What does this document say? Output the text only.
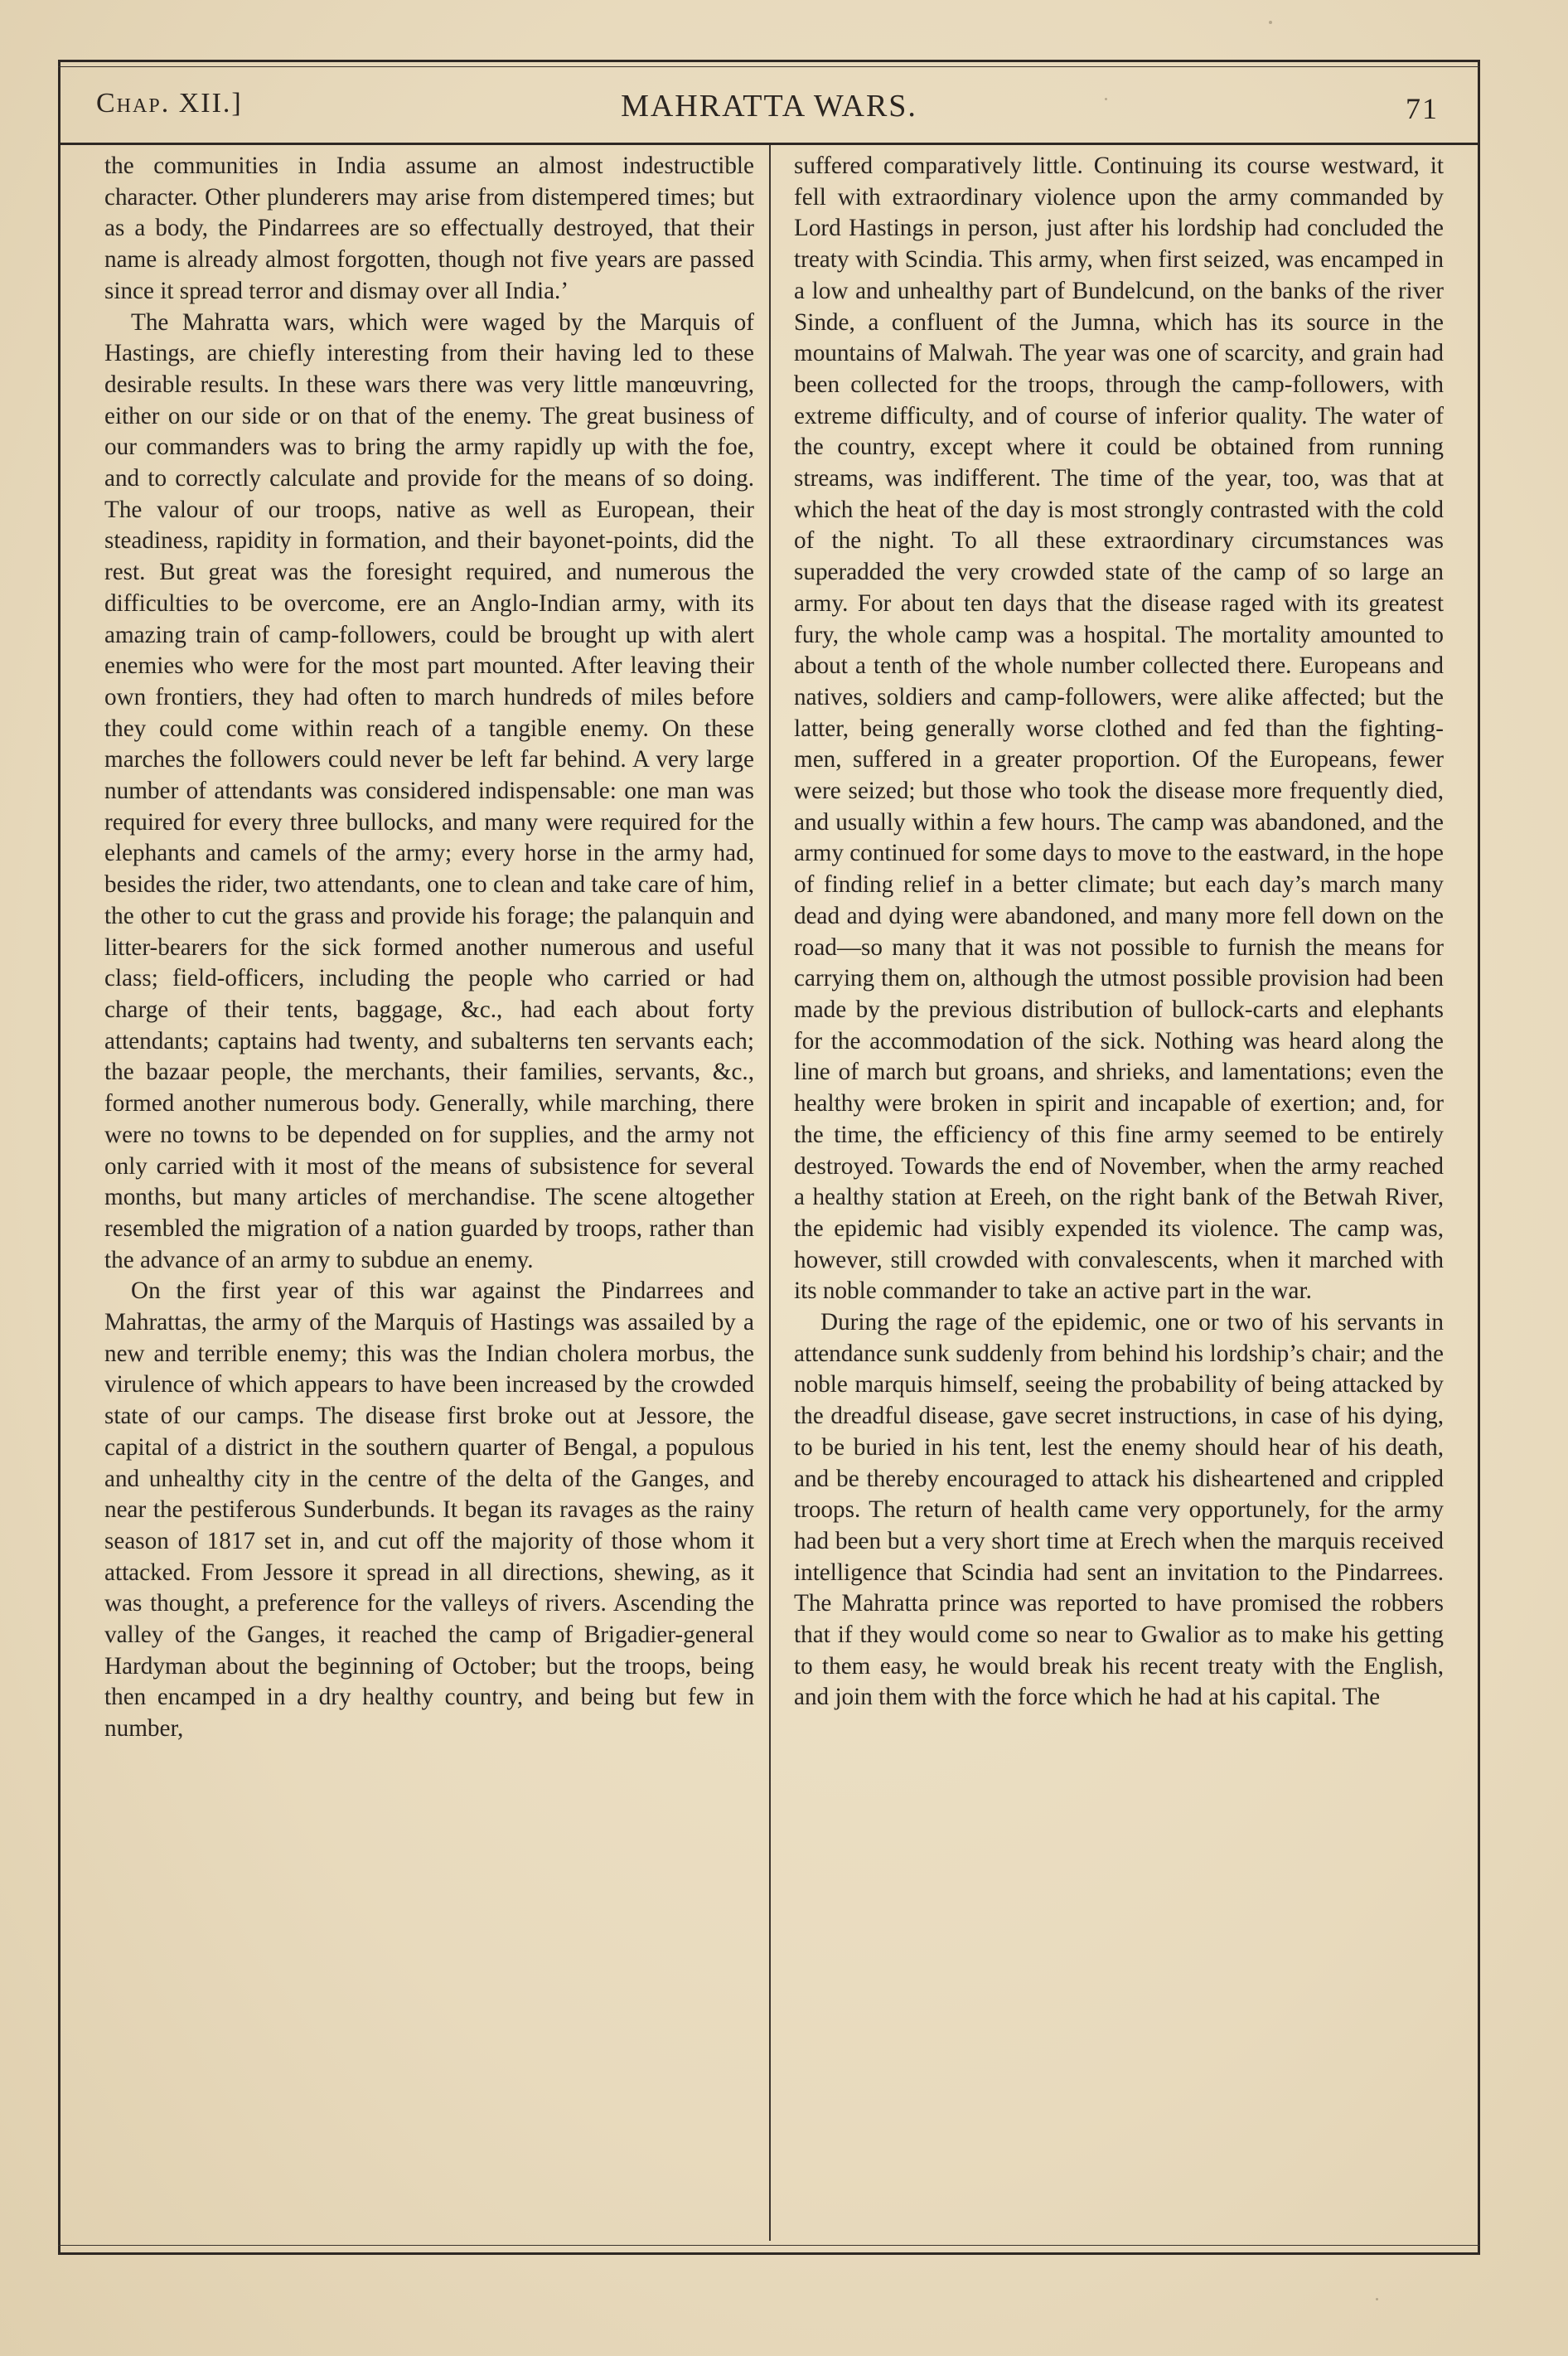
Chap. XII.]	MAHRATTA WARS.	71

the communities in India assume an almost indestructible character. Other plunderers may arise from distempered times; but as a body, the Pindarrees are so effectually destroyed, that their name is already almost forgotten, though not five years are passed since it spread terror and dismay over all India.’

The Mahratta wars, which were waged by the Marquis of Hastings, are chiefly interesting from their having led to these desirable results. In these wars there was very little manœuvring, either on our side or on that of the enemy. The great business of our commanders was to bring the army rapidly up with the foe, and to correctly calculate and provide for the means of so doing. The valour of our troops, native as well as European, their steadiness, rapidity in formation, and their bayonet-points, did the rest. But great was the foresight required, and numerous the difficulties to be overcome, ere an Anglo-Indian army, with its amazing train of camp-followers, could be brought up with alert enemies who were for the most part mounted. After leaving their own frontiers, they had often to march hundreds of miles before they could come within reach of a tangible enemy. On these marches the followers could never be left far behind. A very large number of attendants was considered indispensable: one man was required for every three bullocks, and many were required for the elephants and camels of the army; every horse in the army had, besides the rider, two attendants, one to clean and take care of him, the other to cut the grass and provide his forage; the palanquin and litter-bearers for the sick formed another numerous and useful class; field-officers, including the people who carried or had charge of their tents, baggage, &c., had each about forty attendants; captains had twenty, and subalterns ten servants each; the bazaar people, the merchants, their families, servants, &c., formed another numerous body. Generally, while marching, there were no towns to be depended on for supplies, and the army not only carried with it most of the means of subsistence for several months, but many articles of merchandise. The scene altogether resembled the migration of a nation guarded by troops, rather than the advance of an army to subdue an enemy.

On the first year of this war against the Pindarrees and Mahrattas, the army of the Marquis of Hastings was assailed by a new and terrible enemy; this was the Indian cholera morbus, the virulence of which appears to have been increased by the crowded state of our camps. The disease first broke out at Jessore, the capital of a district in the southern quarter of Bengal, a populous and unhealthy city in the centre of the delta of the Ganges, and near the pestiferous Sunderbunds. It began its ravages as the rainy season of 1817 set in, and cut off the majority of those whom it attacked. From Jessore it spread in all directions, shewing, as it was thought, a preference for the valleys of rivers. Ascending the valley of the Ganges, it reached the camp of Brigadier-general Hardyman about the beginning of October; but the troops, being then encamped in a dry healthy country, and being but few in number,

suffered comparatively little. Continuing its course westward, it fell with extraordinary violence upon the army commanded by Lord Hastings in person, just after his lordship had concluded the treaty with Scindia. This army, when first seized, was encamped in a low and unhealthy part of Bundelcund, on the banks of the river Sinde, a confluent of the Jumna, which has its source in the mountains of Malwah. The year was one of scarcity, and grain had been collected for the troops, through the camp-followers, with extreme difficulty, and of course of inferior quality. The water of the country, except where it could be obtained from running streams, was indifferent. The time of the year, too, was that at which the heat of the day is most strongly contrasted with the cold of the night. To all these extraordinary circumstances was superadded the very crowded state of the camp of so large an army. For about ten days that the disease raged with its greatest fury, the whole camp was a hospital. The mortality amounted to about a tenth of the whole number collected there. Europeans and natives, soldiers and camp-followers, were alike affected; but the latter, being generally worse clothed and fed than the fighting-men, suffered in a greater proportion. Of the Europeans, fewer were seized; but those who took the disease more frequently died, and usually within a few hours. The camp was abandoned, and the army continued for some days to move to the eastward, in the hope of finding relief in a better climate; but each day’s march many dead and dying were abandoned, and many more fell down on the road—so many that it was not possible to furnish the means for carrying them on, although the utmost possible provision had been made by the previous distribution of bullock-carts and elephants for the accommodation of the sick. Nothing was heard along the line of march but groans, and shrieks, and lamentations; even the healthy were broken in spirit and incapable of exertion; and, for the time, the efficiency of this fine army seemed to be entirely destroyed. Towards the end of November, when the army reached a healthy station at Ereeh, on the right bank of the Betwah River, the epidemic had visibly expended its violence. The camp was, however, still crowded with convalescents, when it marched with its noble commander to take an active part in the war.

During the rage of the epidemic, one or two of his servants in attendance sunk suddenly from behind his lordship’s chair; and the noble marquis himself, seeing the probability of being attacked by the dreadful disease, gave secret instructions, in case of his dying, to be buried in his tent, lest the enemy should hear of his death, and be thereby encouraged to attack his disheartened and crippled troops. The return of health came very opportunely, for the army had been but a very short time at Erech when the marquis received intelligence that Scindia had sent an invitation to the Pindarrees. The Mahratta prince was reported to have promised the robbers that if they would come so near to Gwalior as to make his getting to them easy, he would break his recent treaty with the English, and join them with the force which he had at his capital. The
